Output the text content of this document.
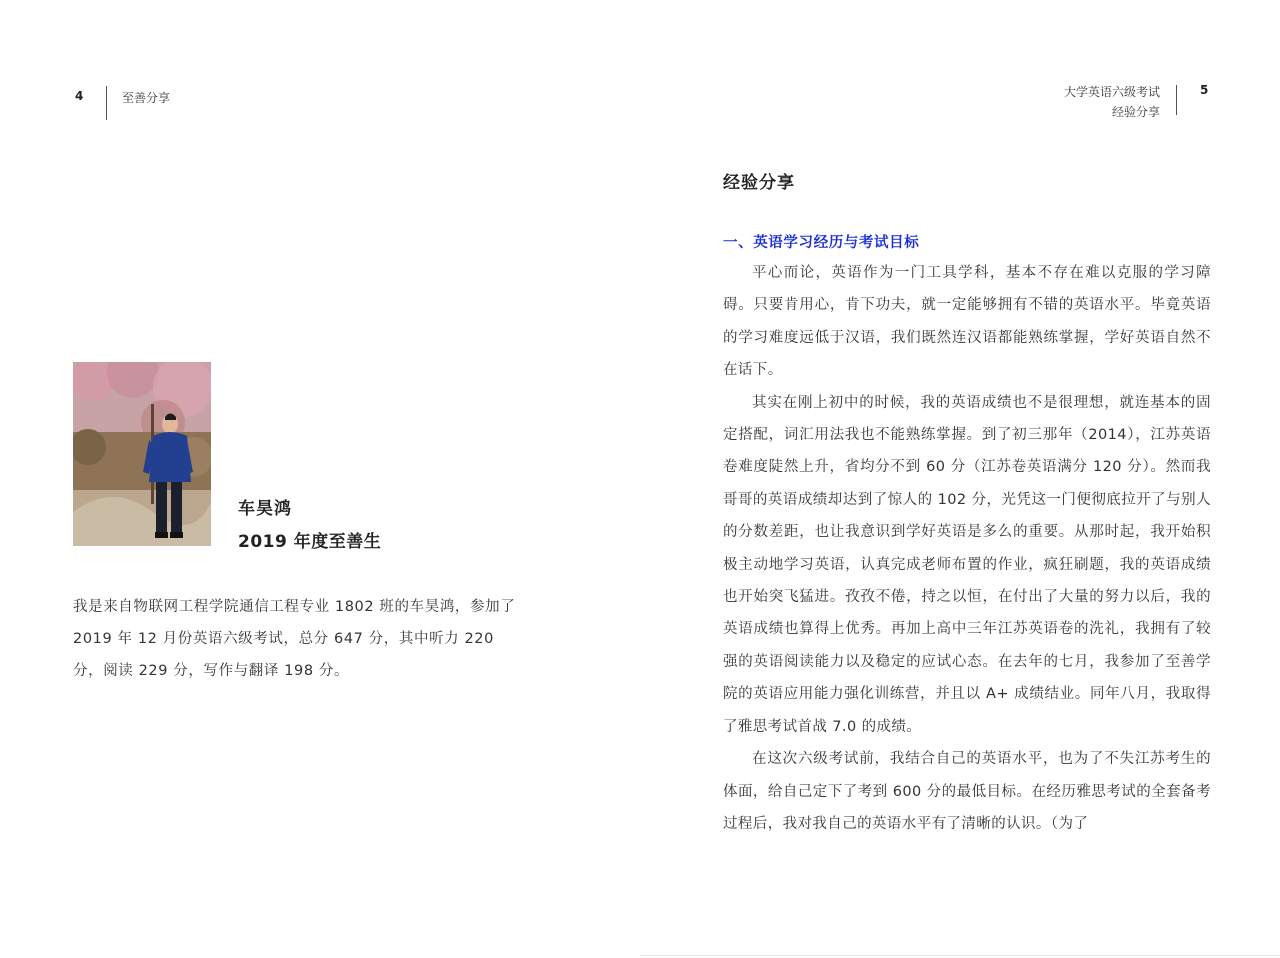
4	至善分享
车昊鸿
2019 年度至善生
我是来自物联网工程学院通信工程专业 1802 班的车昊鸿，参加了 2019 年 12 月份英语六级考试，总分 647 分，其中听力 220 分，阅读 229 分，写作与翻译 198 分。
大学英语六级考试
经验分享
5
经验分享
一、英语学习经历与考试目标

平心而论，英语作为一门工具学科，基本不存在难以克服的学习障碍。只要肯用心，肯下功夫，就一定能够拥有不错的英语水平。毕竟英语的学习难度远低于汉语，我们既然连汉语都能熟练掌握，学好英语自然不在话下。

其实在刚上初中的时候，我的英语成绩也不是很理想，就连基本的固定搭配，词汇用法我也不能熟练掌握。到了初三那年（2014），江苏英语卷难度陡然上升，省均分不到 60 分（江苏卷英语满分 120 分）。然而我哥哥的英语成绩却达到了惊人的 102 分，光凭这一门便彻底拉开了与别人的分数差距，也让我意识到学好英语是多么的重要。从那时起，我开始积极主动地学习英语，认真完成老师布置的作业，疯狂刷题，我的英语成绩也开始突飞猛进。孜孜不倦，持之以恒，在付出了大量的努力以后，我的英语成绩也算得上优秀。再加上高中三年江苏英语卷的洗礼，我拥有了较强的英语阅读能力以及稳定的应试心态。在去年的七月，我参加了至善学院的英语应用能力强化训练营，并且以 A+ 成绩结业。同年八月，我取得了雅思考试首战 7.0 的成绩。

在这次六级考试前，我结合自己的英语水平，也为了不失江苏考生的体面，给自己定下了考到 600 分的最低目标。在经历雅思考试的全套备考过程后，我对我自己的英语水平有了清晰的认识。（为了
